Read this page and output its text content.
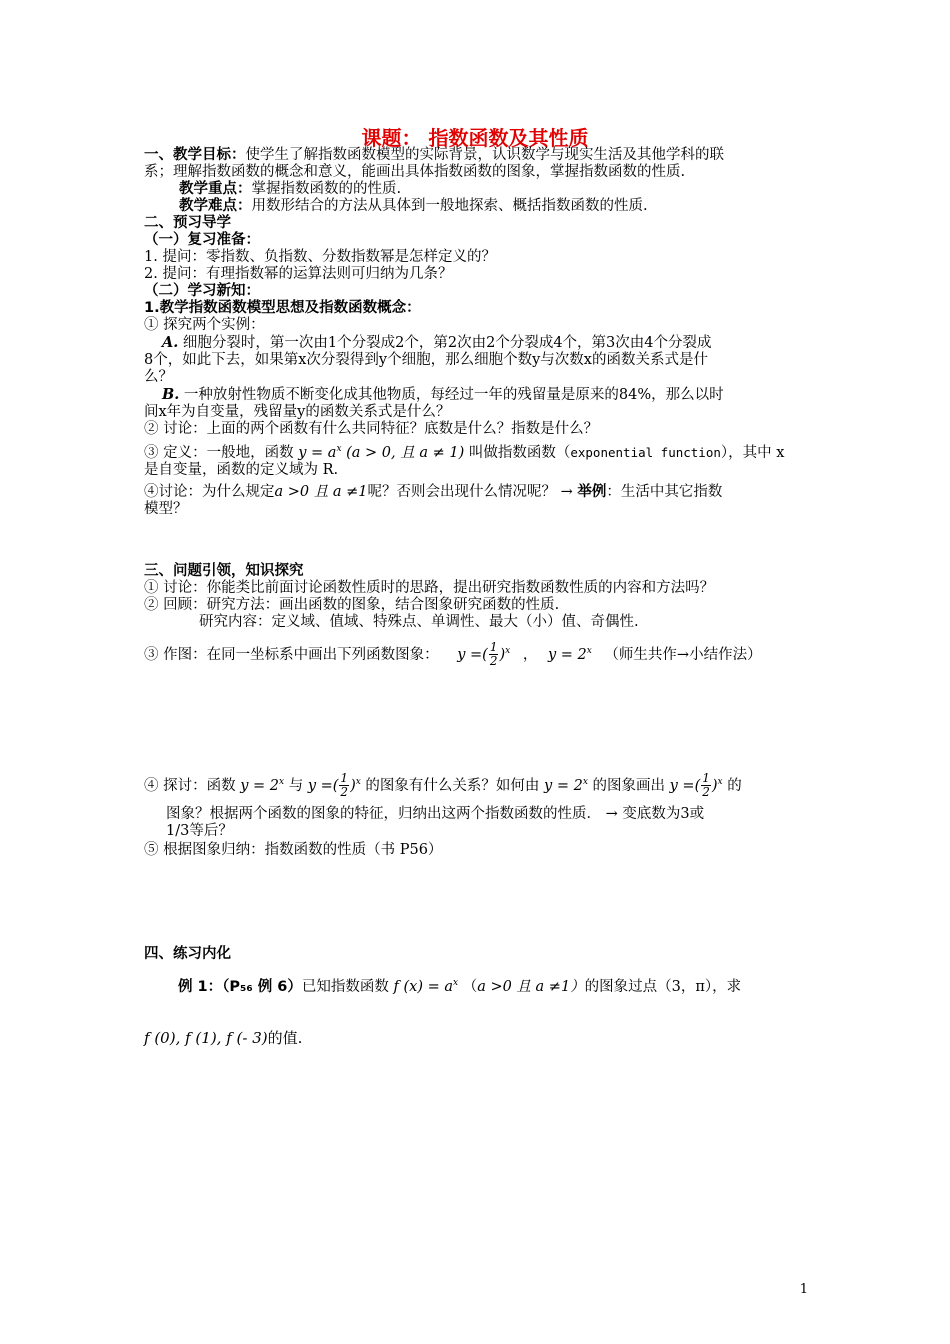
课题： 指数函数及其性质
一、教学目标：使学生了解指数函数模型的实际背景，认识数学与现实生活及其他学科的联
系；理解指数函数的概念和意义，能画出具体指数函数的图象，掌握指数函数的性质.
教学重点：掌握指数函数的的性质.
教学难点：用数形结合的方法从具体到一般地探索、概括指数函数的性质.
二、预习导学
（一）复习准备：
1. 提问：零指数、负指数、分数指数幂是怎样定义的？
2. 提问：有理指数幂的运算法则可归纳为几条？
（二）学习新知：
1.教学指数函数模型思想及指数函数概念：
① 探究两个实例：
A. 细胞分裂时，第一次由1个分裂成2个，第2次由2个分裂成4个，第3次由4个分裂成
8个，如此下去，如果第x次分裂得到y个细胞，那么细胞个数y与次数x的函数关系式是什
么？
B. 一种放射性物质不断变化成其他物质，每经过一年的残留量是原来的84%，那么以时
间x年为自变量，残留量y的函数关系式是什么？
② 讨论：上面的两个函数有什么共同特征？底数是什么？指数是什么？
③ 定义：一般地，函数 $y = a^x$ (a > 0, 且 a ≠ 1) 叫做指数函数（exponential function），其中 x
是自变量，函数的定义域为 R.
④讨论：为什么规定a >0 且 a ≠1呢？否则会出现什么情况呢？ → 举例：生活中其它指数
模型？
三、问题引领，知识探究
① 讨论：你能类比前面讨论函数性质时的思路，提出研究指数函数性质的内容和方法吗？
② 回顾：研究方法：画出函数的图象，结合图象研究函数的性质.
研究内容：定义域、值域、特殊点、单调性、最大（小）值、奇偶性.
③ 作图：在同一坐标系中画出下列函数图象： y =( $\frac{1}{2} )^x$ ， $y = 2^x$ （师生共作→小结作法）
④ 探讨：函数 $y = 2^x$ 与 y =( $\frac{1}{2} )^x$ 的图象有什么关系？如何由 $y = 2^x$ 的图象画出 y =( $\frac{1}{2} )^x$ 的
图象？根据两个函数的图象的特征，归纳出这两个指数函数的性质． → 变底数为3或
1/3等后？
⑤ 根据图象归纳：指数函数的性质（书 P56）
四、练习内化
例 1：（P₅₆ 例 6）已知指数函数 f $(x) = a^x$ （a >0 且 a ≠1）的图象过点（3，π），求
f (0), f (1), f (- 3)的值.
1
